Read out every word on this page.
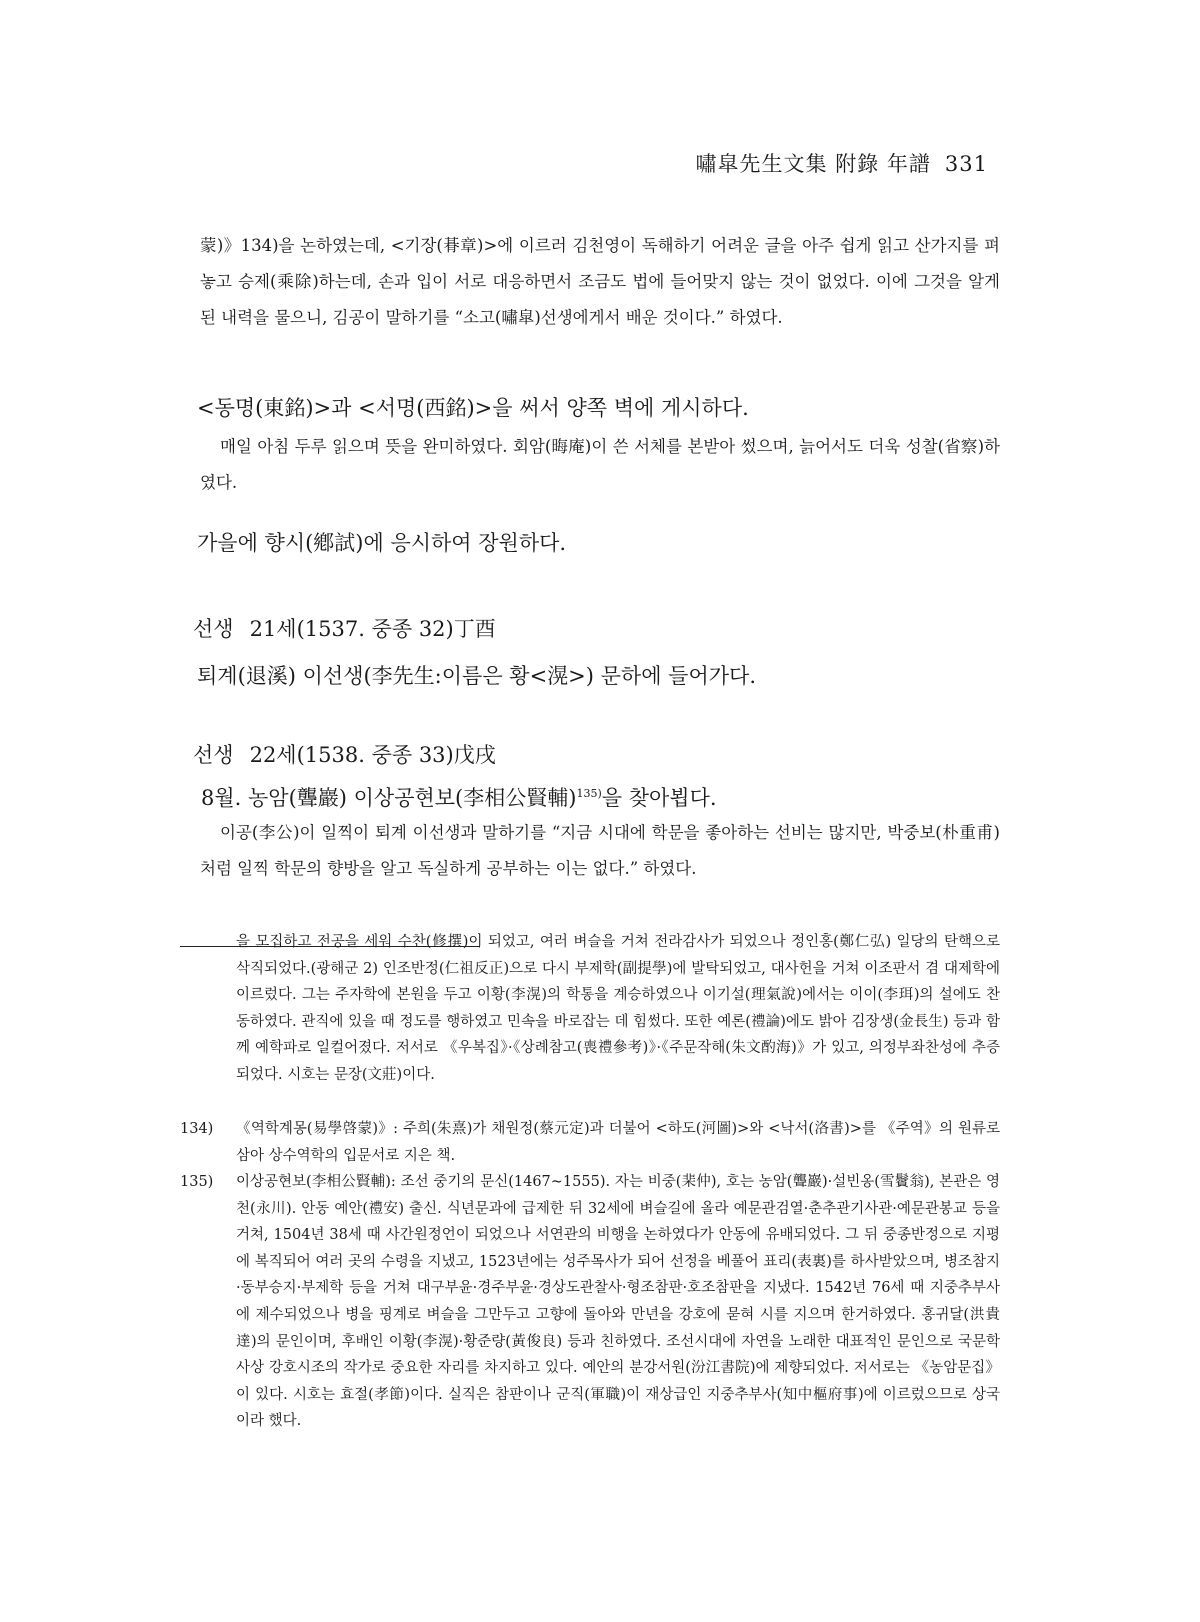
嘯皐先生文集 附錄 年譜 331
蒙)》134)을 논하였는데, <기장(朞章)>에 이르러 김천영이 독해하기 어려운 글을 아주 쉽게 읽고 산가지를 펴 놓고 승제(乘除)하는데, 손과 입이 서로 대응하면서 조금도 법에 들어맞지 않는 것이 없었다. 이에 그것을 알게 된 내력을 물으니, 김공이 말하기를 “소고(嘯皐)선생에게서 배운 것이다.” 하였다.
<동명(東銘)>과 <서명(西銘)>을 써서 양쪽 벽에 게시하다.
매일 아침 두루 읽으며 뜻을 완미하였다. 회암(晦庵)이 쓴 서체를 본받아 썼으며, 늙어서도 더욱 성찰(省察)하였다.
가을에 향시(鄕試)에 응시하여 장원하다.
선생 21세(1537. 중종 32)丁酉
퇴계(退溪) 이선생(李先生:이름은 황<滉>) 문하에 들어가다.
선생 22세(1538. 중종 33)戊戌
8월. 농암(聾巖) 이상공현보(李相公賢輔)$^{135)}$을 찾아뵙다.
이공(李公)이 일찍이 퇴계 이선생과 말하기를 “지금 시대에 학문을 좋아하는 선비는 많지만, 박중보(朴重甫)처럼 일찍 학문의 향방을 알고 독실하게 공부하는 이는 없다.” 하였다.
을 모집하고 전공을 세워 수찬(修撰)이 되었고, 여러 벼슬을 거쳐 전라감사가 되었으나 정인홍(鄭仁弘) 일당의 탄핵으로 삭직되었다.(광해군 2) 인조반정(仁祖反正)으로 다시 부제학(副提學)에 발탁되었고, 대사헌을 거쳐 이조판서 겸 대제학에 이르렀다. 그는 주자학에 본원을 두고 이황(李滉)의 학통을 계승하였으나 이기설(理氣說)에서는 이이(李珥)의 설에도 찬동하였다. 관직에 있을 때 정도를 행하였고 민속을 바로잡는 데 힘썼다. 또한 예론(禮論)에도 밝아 김장생(金長生) 등과 함께 예학파로 일컬어졌다. 저서로 《우복집》·《상례참고(喪禮參考)》·《주문작해(朱文酌海)》가 있고, 의정부좌찬성에 추증되었다. 시호는 문장(文莊)이다.
134)	《역학계몽(易學啓蒙)》: 주희(朱熹)가 채원정(蔡元定)과 더불어 <하도(河圖)>와 <낙서(洛書)>를 《주역》의 원류로 삼아 상수역학의 입문서로 지은 책.
135)	이상공현보(李相公賢輔): 조선 중기의 문신(1467~1555). 자는 비중(棐仲), 호는 농암(聾巖)·설빈옹(雪鬢翁), 본관은 영천(永川). 안동 예안(禮安) 출신. 식년문과에 급제한 뒤 32세에 벼슬길에 올라 예문관검열·춘추관기사관·예문관봉교 등을 거쳐, 1504년 38세 때 사간원정언이 되었으나 서연관의 비행을 논하였다가 안동에 유배되었다. 그 뒤 중종반정으로 지평에 복직되어 여러 곳의 수령을 지냈고, 1523년에는 성주목사가 되어 선정을 베풀어 표리(表裏)를 하사받았으며, 병조참지·동부승지·부제학 등을 거쳐 대구부윤·경주부윤·경상도관찰사·형조참판·호조참판을 지냈다. 1542년 76세 때 지중추부사에 제수되었으나 병을 핑계로 벼슬을 그만두고 고향에 돌아와 만년을 강호에 묻혀 시를 지으며 한거하였다. 홍귀달(洪貴達)의 문인이며, 후배인 이황(李滉)·황준량(黃俊良) 등과 친하였다. 조선시대에 자연을 노래한 대표적인 문인으로 국문학사상 강호시조의 작가로 중요한 자리를 차지하고 있다. 예안의 분강서원(汾江書院)에 제향되었다. 저서로는 《농암문집》이 있다. 시호는 효절(孝節)이다. 실직은 참판이나 군직(軍職)이 재상급인 지중추부사(知中樞府事)에 이르렀으므로 상국이라 했다.
